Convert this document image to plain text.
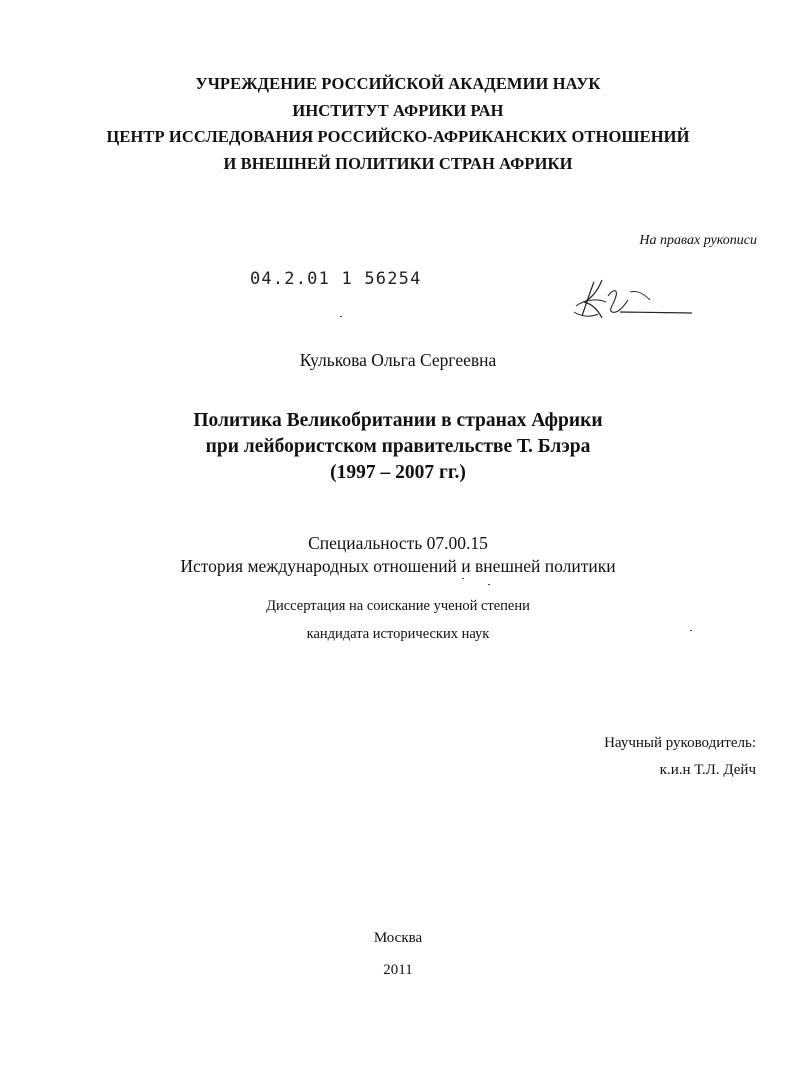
УЧРЕЖДЕНИЕ РОССИЙСКОЙ АКАДЕМИИ НАУК
ИНСТИТУТ АФРИКИ РАН
ЦЕНТР ИССЛЕДОВАНИЯ РОССИЙСКО-АФРИКАНСКИХ ОТНОШЕНИЙ
И ВНЕШНЕЙ ПОЛИТИКИ СТРАН АФРИКИ
На правах рукописи
04.2.01 1 56254
Кулькова Ольга Сергеевна
Политика Великобритании в странах Африки
при лейбористском правительстве Т. Блэра
(1997 – 2007 гг.)
Специальность 07.00.15
История международных отношений и внешней политики
Диссертация на соискание ученой степени
кандидата исторических наук
Научный руководитель:
к.и.н Т.Л. Дейч
Москва
2011
